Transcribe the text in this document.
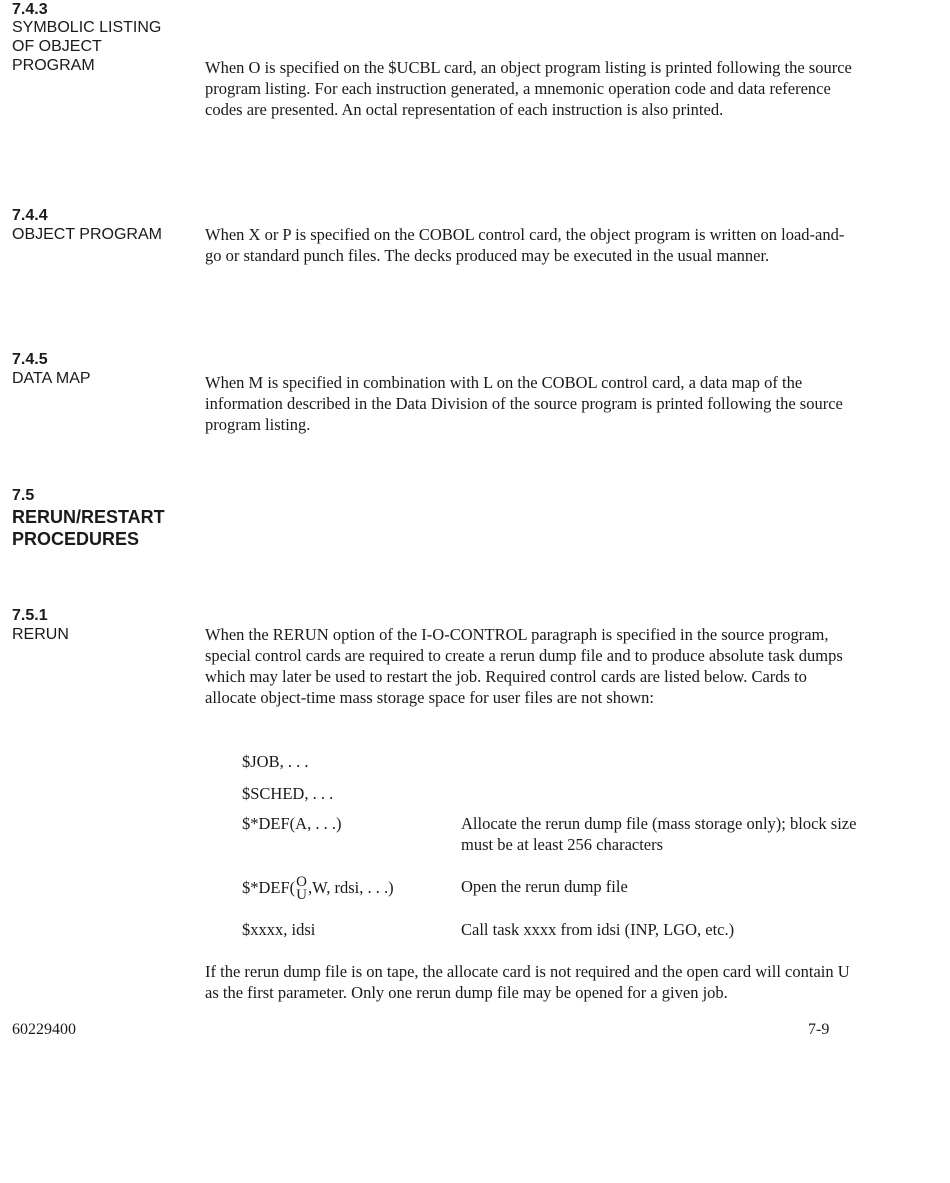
7.4.3
SYMBOLIC LISTING
OF OBJECT
PROGRAM	When O is specified on the $UCBL card, an object program listing is printed following the source program listing. For each instruction generated, a mnemonic operation code and data reference codes are presented. An octal representation of each instruction is also printed.
7.4.4
OBJECT PROGRAM	When X or P is specified on the COBOL control card, the object program is written on load-and-go or standard punch files. The decks produced may be executed in the usual manner.
7.4.5
DATA MAP	When M is specified in combination with L on the COBOL control card, a data map of the information described in the Data Division of the source program is printed following the source program listing.
7.5
RERUN/RESTART
PROCEDURES
7.5.1
RERUN	When the RERUN option of the I-O-CONTROL paragraph is specified in the source program, special control cards are required to create a rerun dump file and to produce absolute task dumps which may later be used to restart the job. Required control cards are listed below. Cards to allocate object-time mass storage space for user files are not shown:
$JOB, . . .
$SCHED, . . .
$*DEF(A, . . .)	Allocate the rerun dump file (mass storage only); block size must be at least 256 characters
$*DEF( O
U ,W, rdsi, . . .)	Open the rerun dump file
$xxxx, idsi	Call task xxxx from idsi (INP, LGO, etc.)
If the rerun dump file is on tape, the allocate card is not required and the open card will contain U as the first parameter. Only one rerun dump file may be opened for a given job.
60229400	7-9
